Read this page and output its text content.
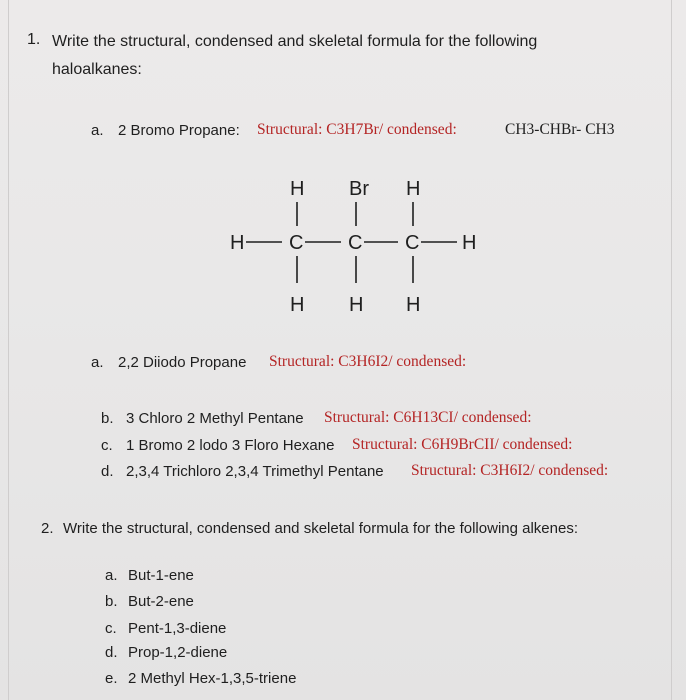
1. Write the structural, condensed and skeletal formula for the following
haloalkanes:
a. 2 Bromo Propane: Structural: C3H7Br/ condensed:	CH3-CHBr- CH3
H Br H
H C C C H
H H H
a. 2,2 Diiodo Propane Structural: C3H6I2/ condensed:
b. 3 Chloro 2 Methyl Pentane Structural: C6H13CI/ condensed:
c. 1 Bromo 2 lodo 3 Floro Hexane Structural: C6H9BrCII/ condensed:
d. 2,3,4 Trichloro 2,3,4 Trimethyl Pentane Structural: C3H6I2/ condensed:
2. Write the structural, condensed and skeletal formula for the following alkenes:
a. But-1-ene
b. But-2-ene
c. Pent-1,3-diene
d. Prop-1,2-diene
e. 2 Methyl Hex-1,3,5-triene
